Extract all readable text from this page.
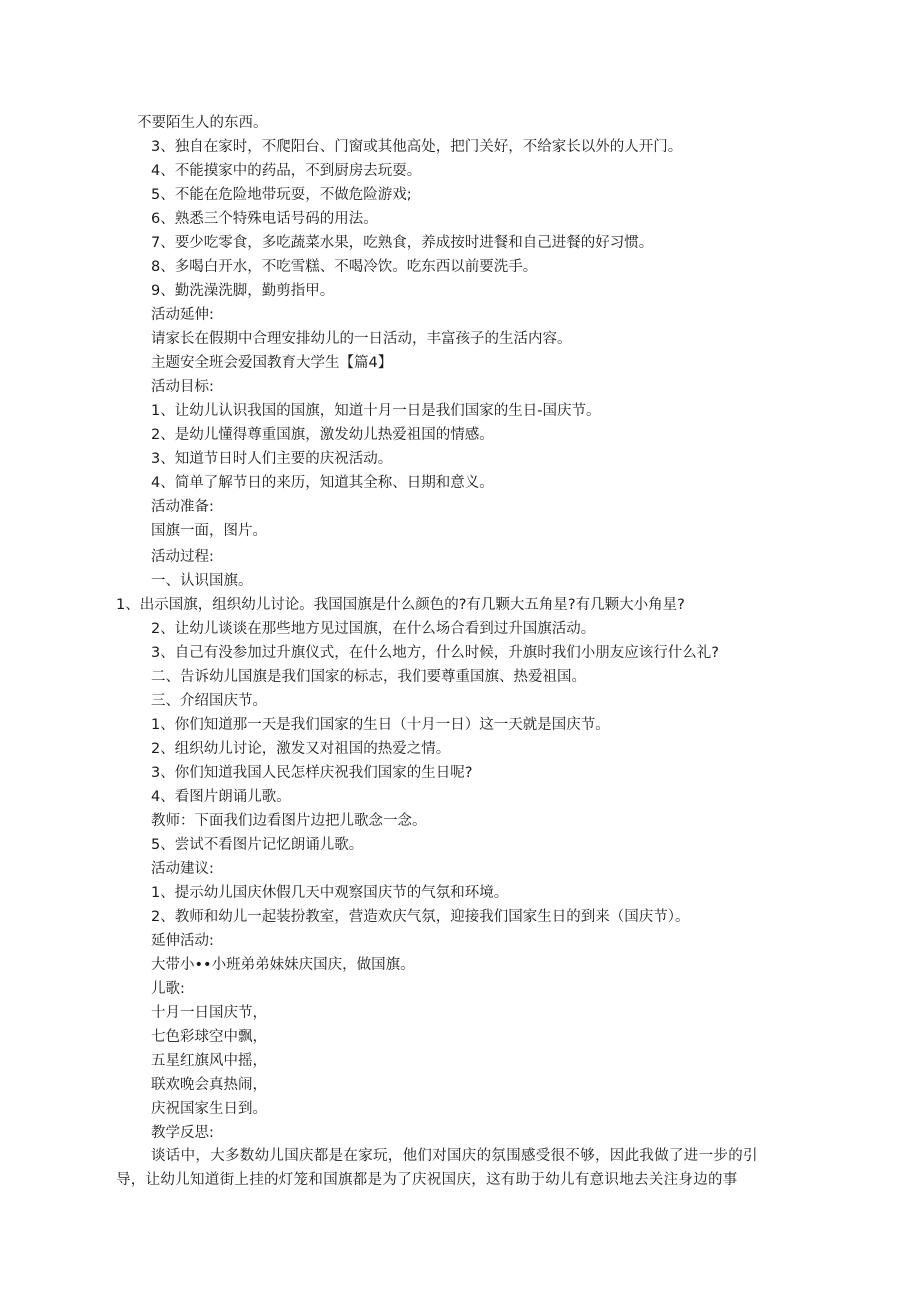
不要陌生人的东西。
3、独自在家时，不爬阳台、门窗或其他高处，把门关好，不给家长以外的人开门。
4、不能摸家中的药品，不到厨房去玩耍。
5、不能在危险地带玩耍，不做危险游戏;
6、熟悉三个特殊电话号码的用法。
7、要少吃零食，多吃蔬菜水果，吃熟食，养成按时进餐和自己进餐的好习惯。
8、多喝白开水，不吃雪糕、不喝冷饮。吃东西以前要洗手。
9、勤洗澡洗脚，勤剪指甲。
活动延伸:
请家长在假期中合理安排幼儿的一日活动，丰富孩子的生活内容。
主题安全班会爱国教育大学生【篇4】
活动目标:
1、让幼儿认识我国的国旗，知道十月一日是我们国家的生日-国庆节。
2、是幼儿懂得尊重国旗，激发幼儿热爱祖国的情感。
3、知道节日时人们主要的庆祝活动。
4、简单了解节日的来历，知道其全称、日期和意义。
活动准备:
国旗一面，图片。
活动过程:
一、认识国旗。
1、出示国旗，组织幼儿讨论。我国国旗是什么颜色的?有几颗大五角星?有几颗大小角星?
2、让幼儿谈谈在那些地方见过国旗，在什么场合看到过升国旗活动。
3、自己有没参加过升旗仪式，在什么地方，什么时候，升旗时我们小朋友应该行什么礼?
二、告诉幼儿国旗是我们国家的标志，我们要尊重国旗、热爱祖国。
三、介绍国庆节。
1、你们知道那一天是我们国家的生日（十月一日）这一天就是国庆节。
2、组织幼儿讨论，激发又对祖国的热爱之情。
3、你们知道我国人民怎样庆祝我们国家的生日呢?
4、看图片朗诵儿歌。
教师：下面我们边看图片边把儿歌念一念。
5、尝试不看图片记忆朗诵儿歌。
活动建议:
1、提示幼儿国庆休假几天中观察国庆节的气氛和环境。
2、教师和幼儿一起装扮教室，营造欢庆气氛，迎接我们国家生日的到来（国庆节）。
延伸活动:
大带小••小班弟弟妹妹庆国庆，做国旗。
儿歌:
十月一日国庆节，
七色彩球空中飘，
五星红旗风中摇，
联欢晚会真热闹，
庆祝国家生日到。
教学反思:
谈话中，大多数幼儿国庆都是在家玩，他们对国庆的氛围感受很不够，因此我做了进一步的引导，让幼儿知道街上挂的灯笼和国旗都是为了庆祝国庆，这有助于幼儿有意识地去关注身边的事
